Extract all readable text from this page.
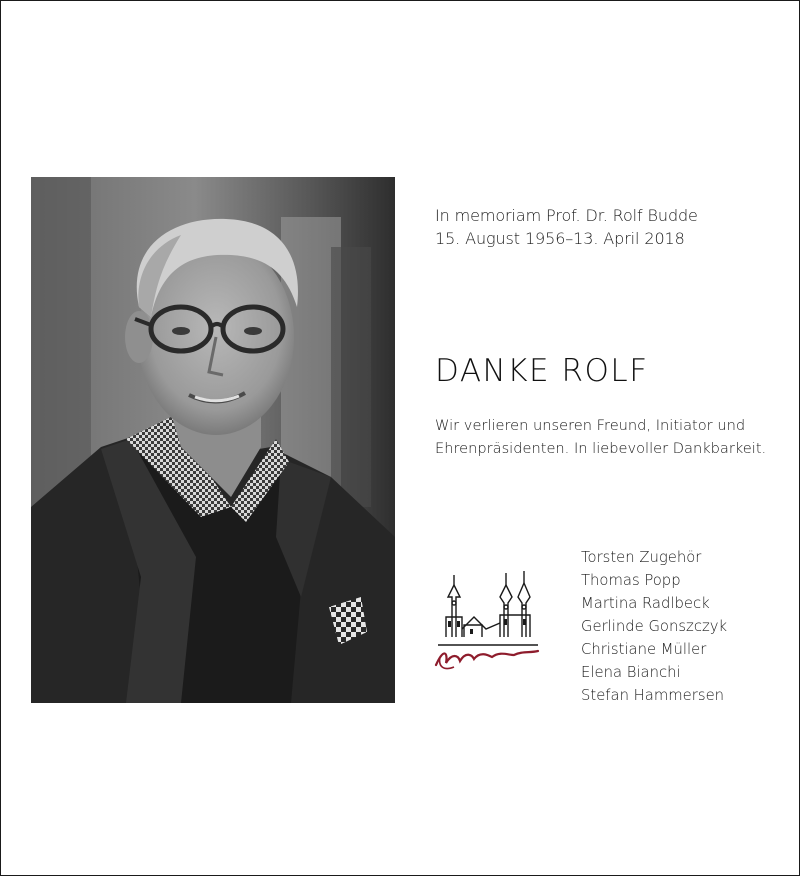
In memoriam Prof. Dr. Rolf Budde
15. August 1956–13. April 2018
DANKE ROLF
Wir verlieren unseren Freund, Initiator und
Ehrenpräsidenten. In liebevoller Dankbarkeit.
Torsten Zugehör
Thomas Popp
Martina Radlbeck
Gerlinde Gonszczyk
Christiane Müller
Elena Bianchi
Stefan Hammersen
